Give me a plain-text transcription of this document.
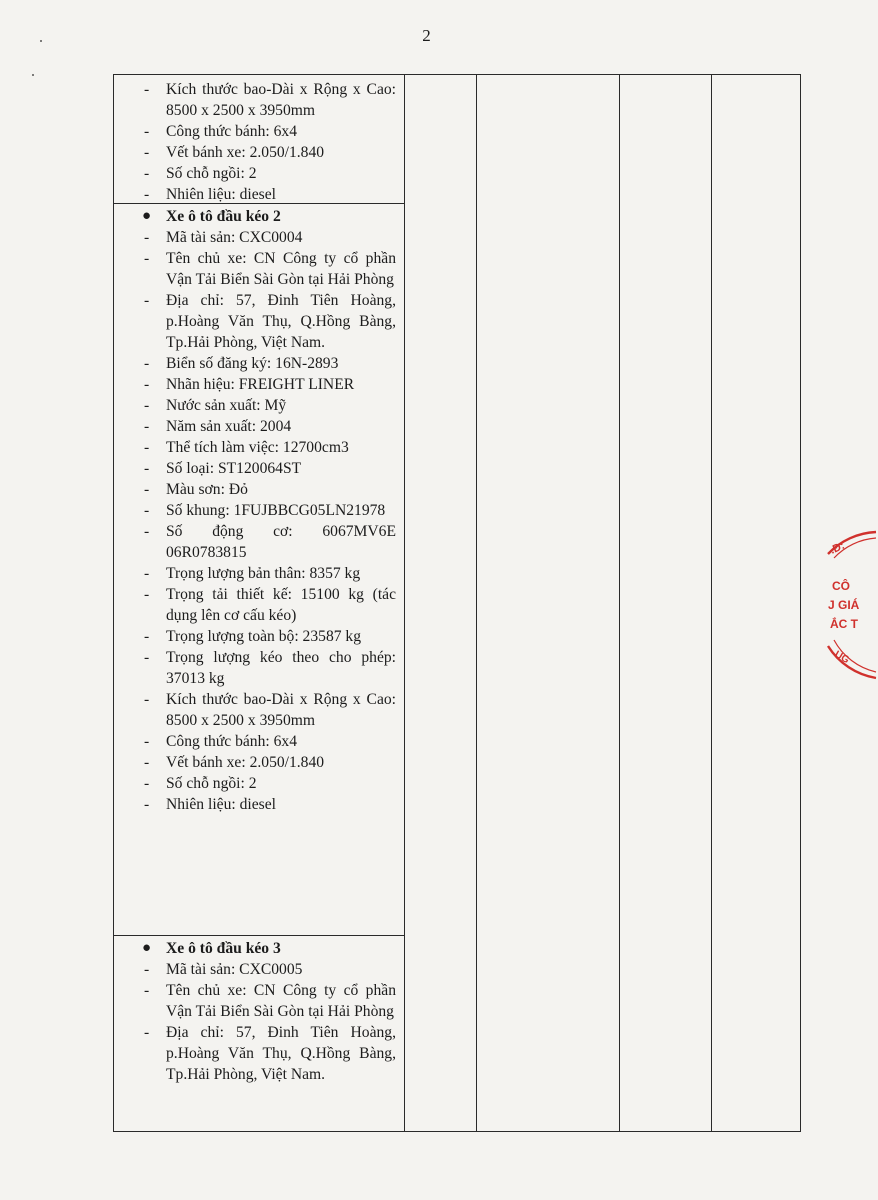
2
- Kích thước bao-Dài x Rộng x Cao: 8500 x 2500 x 3950mm
- Công thức bánh: 6x4
- Vết bánh xe: 2.050/1.840
- Số chỗ ngồi: 2
- Nhiên liệu: diesel
● Xe ô tô đầu kéo 2
- Mã tài sản: CXC0004
- Tên chủ xe: CN Công ty cổ phần Vận Tải Biển Sài Gòn tại Hải Phòng
- Địa chỉ: 57, Đinh Tiên Hoàng, p.Hoàng Văn Thụ, Q.Hồng Bàng, Tp.Hải Phòng, Việt Nam.
- Biển số đăng ký: 16N-2893
- Nhãn hiệu: FREIGHT LINER
- Nước sản xuất: Mỹ
- Năm sản xuất: 2004
- Thể tích làm việc: 12700cm3
- Số loại: ST120064ST
- Màu sơn: Đỏ
- Số khung: 1FUJBBCG05LN21978
- Số động cơ: 6067MV6E 06R0783815
- Trọng lượng bản thân: 8357 kg
- Trọng tải thiết kế: 15100 kg (tác dụng lên cơ cấu kéo)
- Trọng lượng toàn bộ: 23587 kg
- Trọng lượng kéo theo cho phép: 37013 kg
- Kích thước bao-Dài x Rộng x Cao: 8500 x 2500 x 3950mm
- Công thức bánh: 6x4
- Vết bánh xe: 2.050/1.840
- Số chỗ ngồi: 2
- Nhiên liệu: diesel
● Xe ô tô đầu kéo 3
- Mã tài sản: CXC0005
- Tên chủ xe: CN Công ty cổ phần Vận Tải Biển Sài Gòn tại Hải Phòng
- Địa chỉ: 57, Đinh Tiên Hoàng, p.Hoàng Văn Thụ, Q.Hồng Bàng, Tp.Hải Phòng, Việt Nam.
.Đ:
CÔ
J GIÁ
ẮC T
ÙG
